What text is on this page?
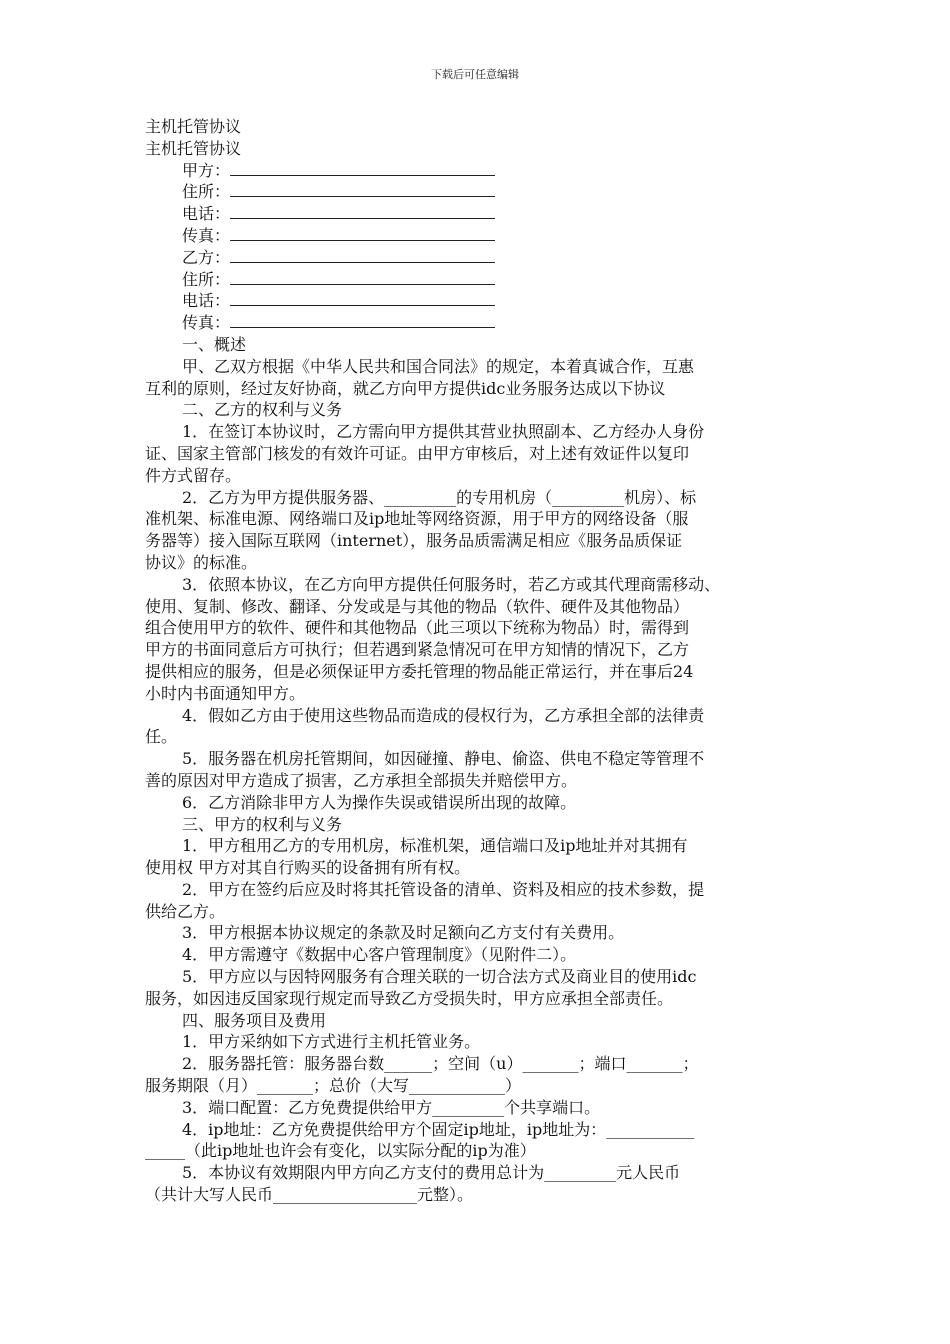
下载后可任意编辑
主机托管协议
主机托管协议
甲方：
住所：
电话：
传真：
乙方：
住所：
电话：
传真：
一、概述
甲、乙双方根据《中华人民共和国合同法》的规定，本着真诚合作，互惠
互利的原则，经过友好协商，就乙方向甲方提供idc业务服务达成以下协议
二、乙方的权利与义务
1．在签订本协议时，乙方需向甲方提供其营业执照副本、乙方经办人身份
证、国家主管部门核发的有效许可证。由甲方审核后，对上述有效证件以复印
件方式留存。
2．乙方为甲方提供服务器、_________的专用机房（_________机房）、标
准机架、标准电源、网络端口及ip地址等网络资源，用于甲方的网络设备（服
务器等）接入国际互联网（internet），服务品质需满足相应《服务品质保证
协议》的标准。
3．依照本协议，在乙方向甲方提供任何服务时，若乙方或其代理商需移动、
使用、复制、修改、翻译、分发或是与其他的物品（软件、硬件及其他物品）
组合使用甲方的软件、硬件和其他物品（此三项以下统称为物品）时，需得到
甲方的书面同意后方可执行；但若遇到紧急情况可在甲方知情的情况下，乙方
提供相应的服务，但是必须保证甲方委托管理的物品能正常运行，并在事后24
小时内书面通知甲方。
4．假如乙方由于使用这些物品而造成的侵权行为，乙方承担全部的法律责
任。
5．服务器在机房托管期间，如因碰撞、静电、偷盗、供电不稳定等管理不
善的原因对甲方造成了损害，乙方承担全部损失并赔偿甲方。
6．乙方消除非甲方人为操作失误或错误所出现的故障。
三、甲方的权利与义务
1．甲方租用乙方的专用机房，标准机架，通信端口及ip地址并对其拥有
使用权 甲方对其自行购买的设备拥有所有权。
2．甲方在签约后应及时将其托管设备的清单、资料及相应的技术参数，提
供给乙方。
3．甲方根据本协议规定的条款及时足额向乙方支付有关费用。
4．甲方需遵守《数据中心客户管理制度》（见附件二）。
5．甲方应以与因特网服务有合理关联的一切合法方式及商业目的使用idc
服务，如因违反国家现行规定而导致乙方受损失时，甲方应承担全部责任。
四、服务项目及费用
1．甲方采纳如下方式进行主机托管业务。
2．服务器托管：服务器台数______；空间（u）_______；端口_______；
服务期限（月）_______；总价（大写____________）
3．端口配置：乙方免费提供给甲方_________个共享端口。
4．ip地址：乙方免费提供给甲方个固定ip地址，ip地址为：___________
_____（此ip地址也许会有变化，以实际分配的ip为准）
5．本协议有效期限内甲方向乙方支付的费用总计为_________元人民币
（共计大写人民币__________________元整）。
